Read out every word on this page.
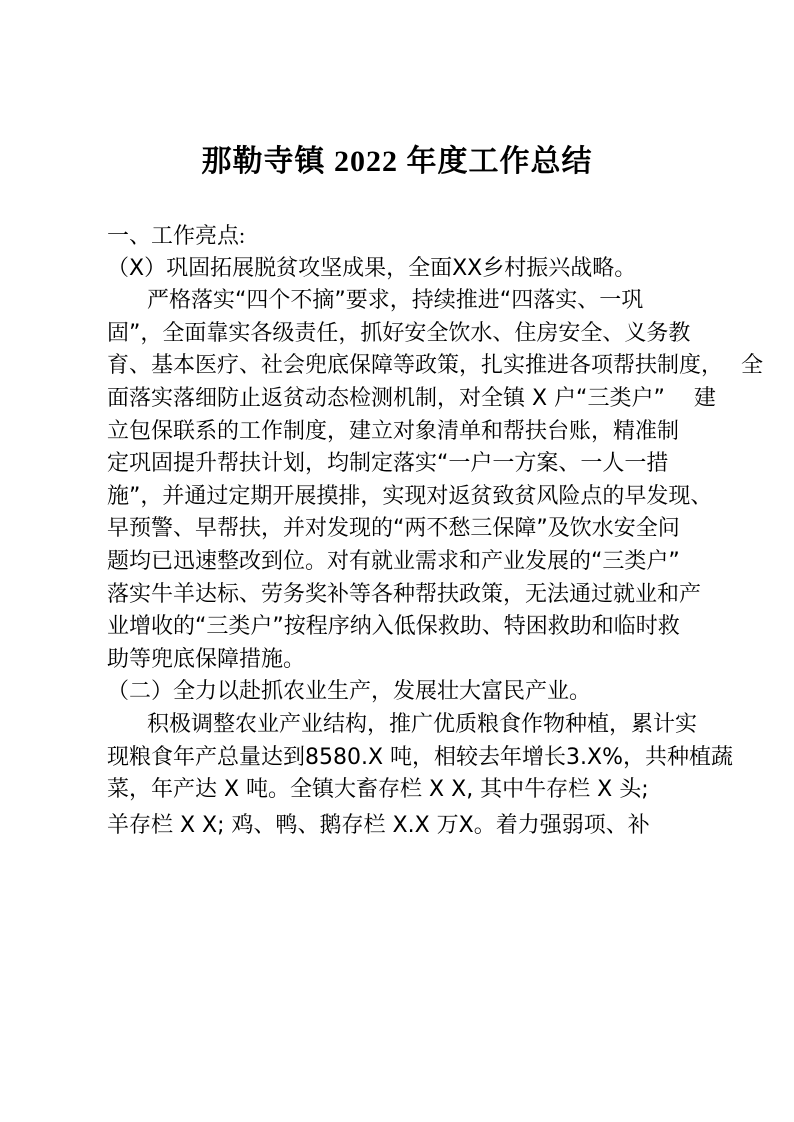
那勒寺镇 2022 年度工作总结
一、工作亮点:
（X）巩固拓展脱贫攻坚成果，全面XX乡村振兴战略。
严格落实“四个不摘”要求，持续推进“四落实、一巩
固”，全面靠实各级责任，抓好安全饮水、住房安全、义务教
育、基本医疗、社会兜底保障等政策，扎实推进各项帮扶制度，　 全
面落实落细防止返贫动态检测机制，对全镇 X 户“三类户”　 建
立包保联系的工作制度，建立对象清单和帮扶台账，精准制
定巩固提升帮扶计划，均制定落实“一户一方案、一人一措
施”，并通过定期开展摸排，实现对返贫致贫风险点的早发现、
早预警、早帮扶，并对发现的“两不愁三保障”及饮水安全问
题均已迅速整改到位。对有就业需求和产业发展的“三类户”
落实牛羊达标、劳务奖补等各种帮扶政策，无法通过就业和产
业增收的“三类户”按程序纳入低保救助、特困救助和临时救
助等兜底保障措施。
（二）全力以赴抓农业生产，发展壮大富民产业。
积极调整农业产业结构，推广优质粮食作物种植，累计实
现粮食年产总量达到8580.X 吨，相较去年增长3.X%，共种植蔬
菜，年产达 X 吨。全镇大畜存栏 X X, 其中牛存栏 X 头;
羊存栏 X X; 鸡、鸭、鹅存栏 X.X 万X。着力强弱项、补
